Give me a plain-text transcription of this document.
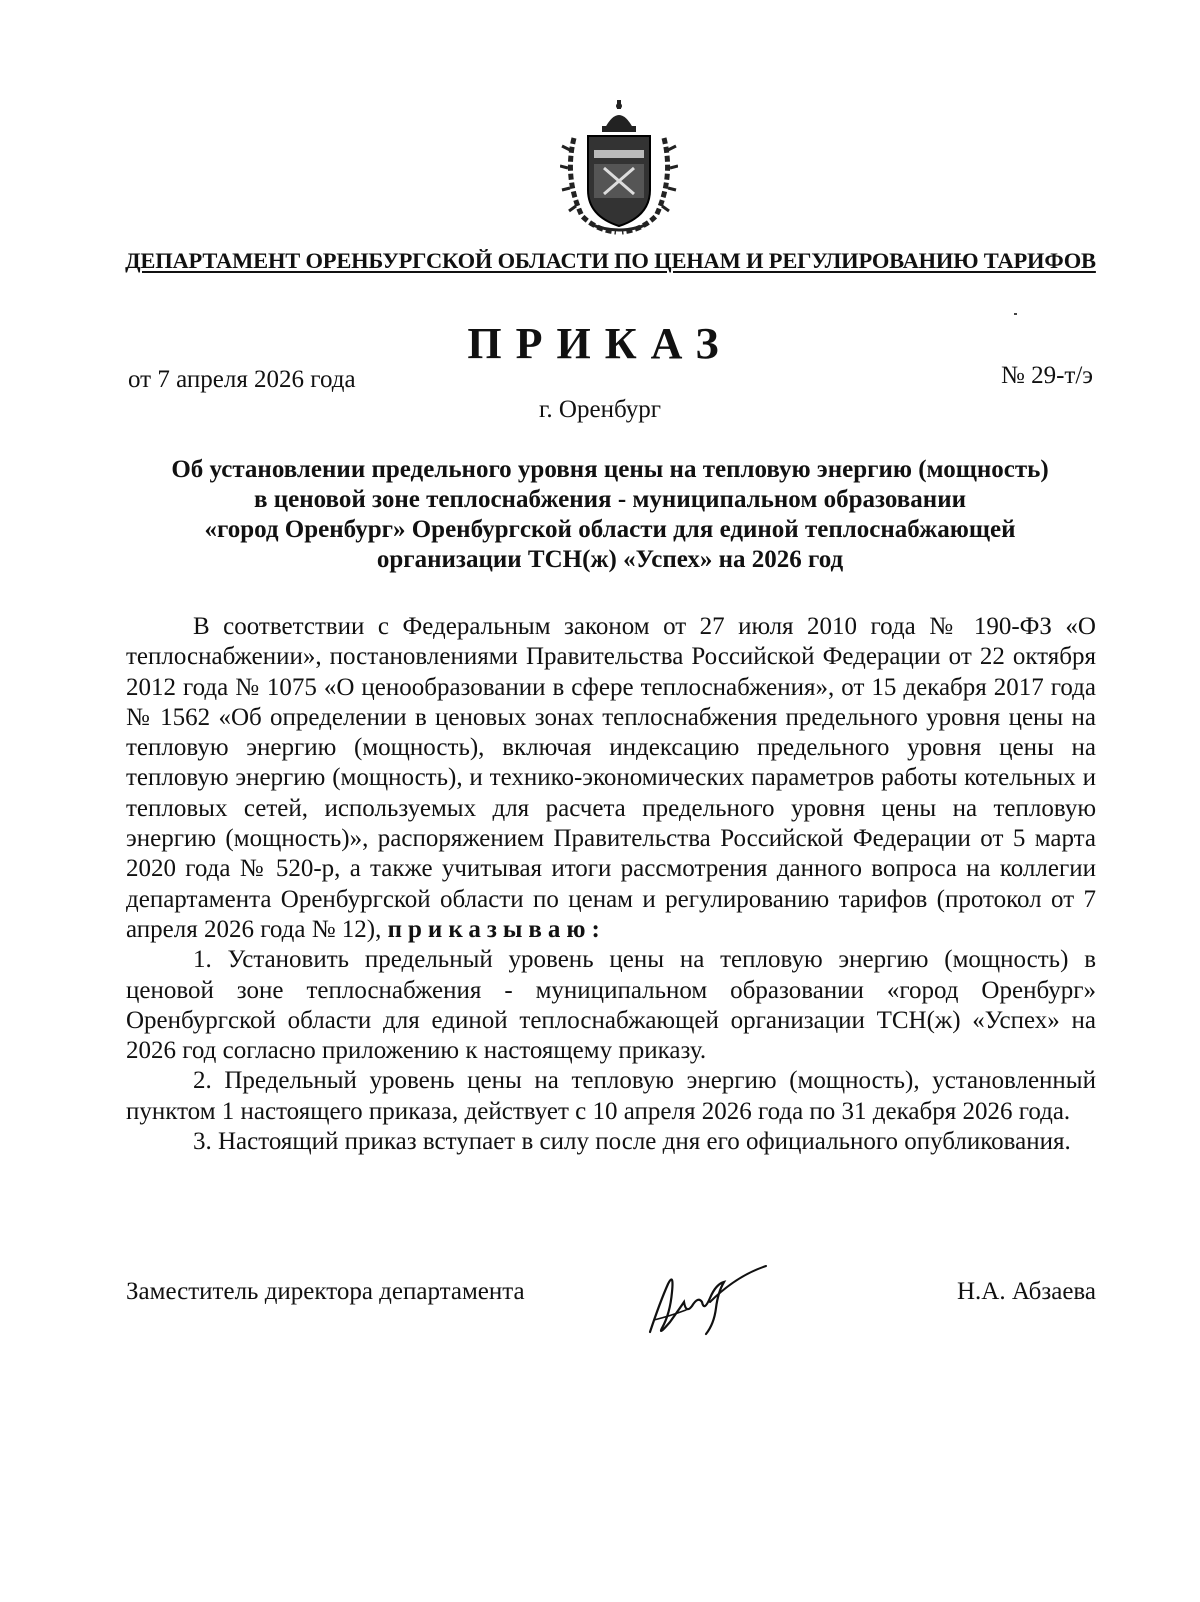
ДЕПАРТАМЕНТ ОРЕНБУРГСКОЙ ОБЛАСТИ ПО ЦЕНАМ И РЕГУЛИРОВАНИЮ ТАРИФОВ
ПРИКАЗ
от 7 апреля 2026 года	№ 29-т/э
г. Оренбург
Об установлении предельного уровня цены на тепловую энергию (мощность)
в ценовой зоне теплоснабжения - муниципальном образовании
«город Оренбург» Оренбургской области для единой теплоснабжающей
организации ТСН(ж) «Успех» на 2026 год

В соответствии с Федеральным законом от 27 июля 2010 года № 190-ФЗ «О теплоснабжении», постановлениями Правительства Российской Федерации от 22 октября 2012 года № 1075 «О ценообразовании в сфере теплоснабжения», от 15 декабря 2017 года № 1562 «Об определении в ценовых зонах теплоснабжения предельного уровня цены на тепловую энергию (мощность), включая индексацию предельного уровня цены на тепловую энергию (мощность), и технико-экономических параметров работы котельных и тепловых сетей, используемых для расчета предельного уровня цены на тепловую энергию (мощность)», распоряжением Правительства Российской Федерации от 5 марта 2020 года № 520-р, а также учитывая итоги рассмотрения данного вопроса на коллегии департамента Оренбургской области по ценам и регулированию тарифов (протокол от 7 апреля 2026 года № 12), приказываю:

1. Установить предельный уровень цены на тепловую энергию (мощность) в ценовой зоне теплоснабжения - муниципальном образовании «город Оренбург» Оренбургской области для единой теплоснабжающей организации ТСН(ж) «Успех» на 2026 год согласно приложению к настоящему приказу.

2. Предельный уровень цены на тепловую энергию (мощность), установленный пунктом 1 настоящего приказа, действует с 10 апреля 2026 года по 31 декабря 2026 года.

3. Настоящий приказ вступает в силу после дня его официального опубликования.

Заместитель директора департамента	Н.А. Абзаева
